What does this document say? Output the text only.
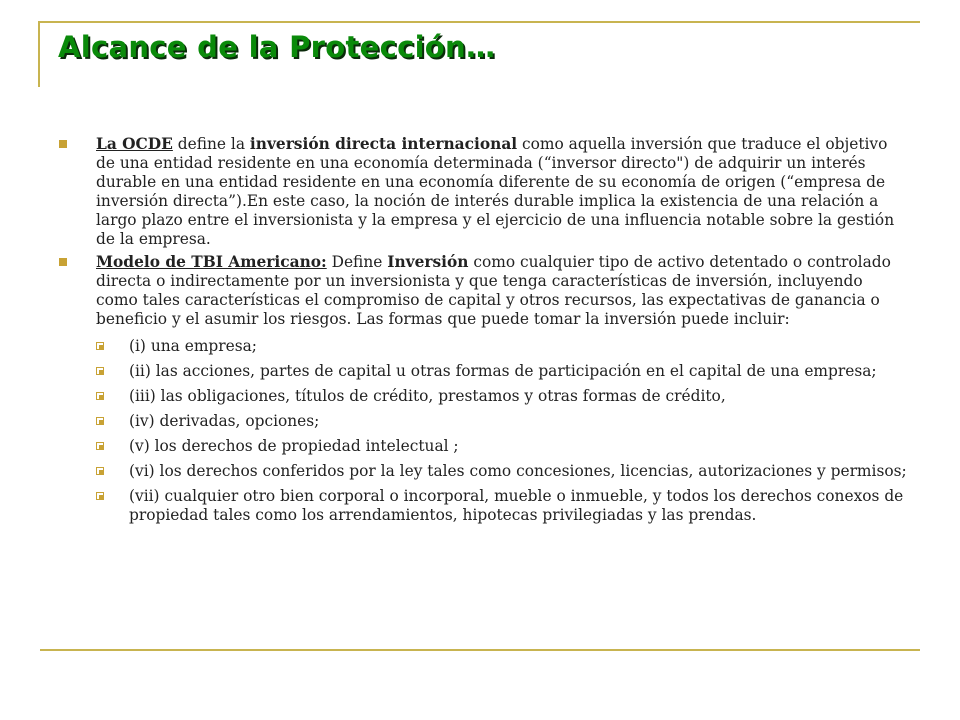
Alcance de la Protección…
La OCDE define la inversión directa internacional como aquella inversión que traduce el objetivo de una entidad residente en una economía determinada (“inversor directo") de adquirir un interés durable en una entidad residente en una economía diferente de su economía de origen (“empresa de inversión directa”).En este caso, la noción de interés durable implica la existencia de una relación a largo plazo entre el inversionista y la empresa y el ejercicio de una influencia notable sobre la gestión de la empresa.
Modelo de TBI Americano: Define Inversión como cualquier tipo de activo detentado o controlado directa o indirectamente por un inversionista y que tenga características de inversión, incluyendo como tales características el compromiso de capital y otros recursos, las expectativas de ganancia o beneficio y el asumir los riesgos. Las formas que puede tomar la inversión puede incluir:
(i) una empresa;
(ii) las acciones, partes de capital u otras formas de participación en el capital de una empresa;
(iii) las obligaciones, títulos de crédito, prestamos y otras formas de crédito,
(iv) derivadas, opciones;
(v) los derechos de propiedad intelectual ;
(vi) los derechos conferidos por la ley tales como concesiones, licencias, autorizaciones y permisos;
(vii) cualquier otro bien corporal o incorporal, mueble o inmueble, y todos los derechos conexos de propiedad tales como los arrendamientos, hipotecas privilegiadas y las prendas.
